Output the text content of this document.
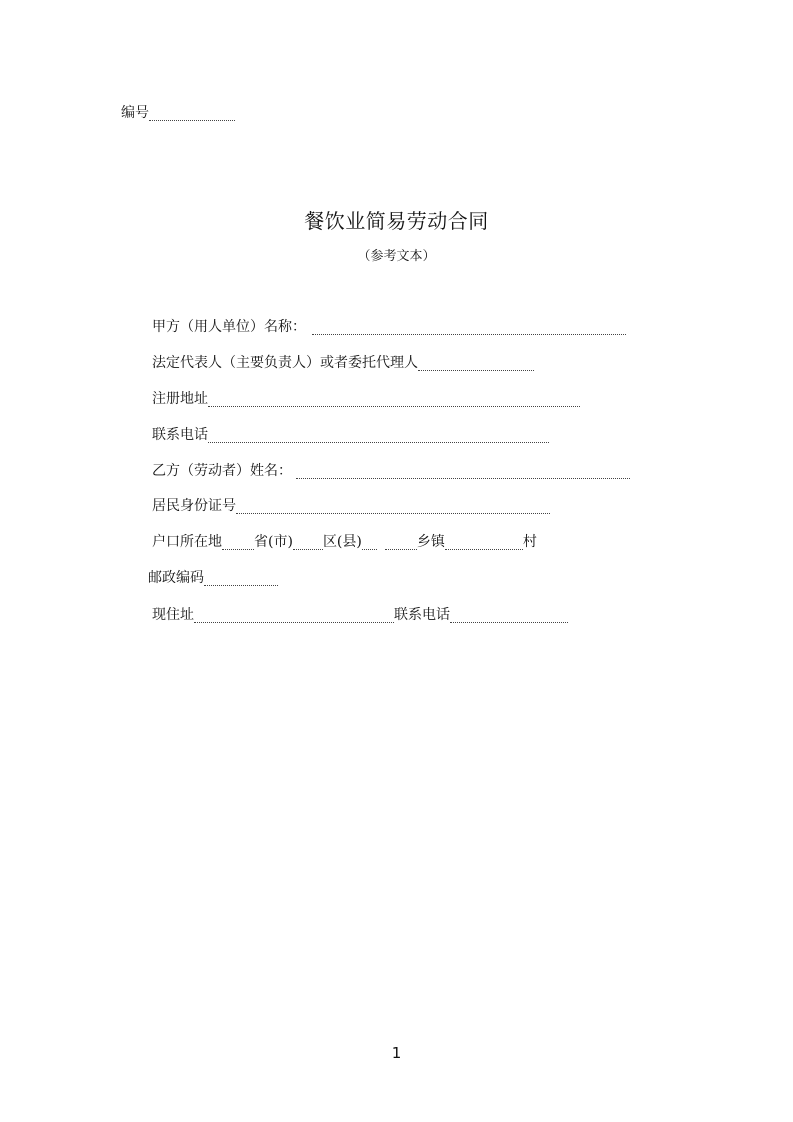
编号
餐饮业简易劳动合同
（参考文本）
甲方（用人单位）名称：
法定代表人（主要负责人）或者委托代理人
注册地址
联系电话
乙方（劳动者）姓名：
居民身份证号
户口所在地 省(市) 区(县)	乡镇	村
邮政编码
现住址	联系电话
1
